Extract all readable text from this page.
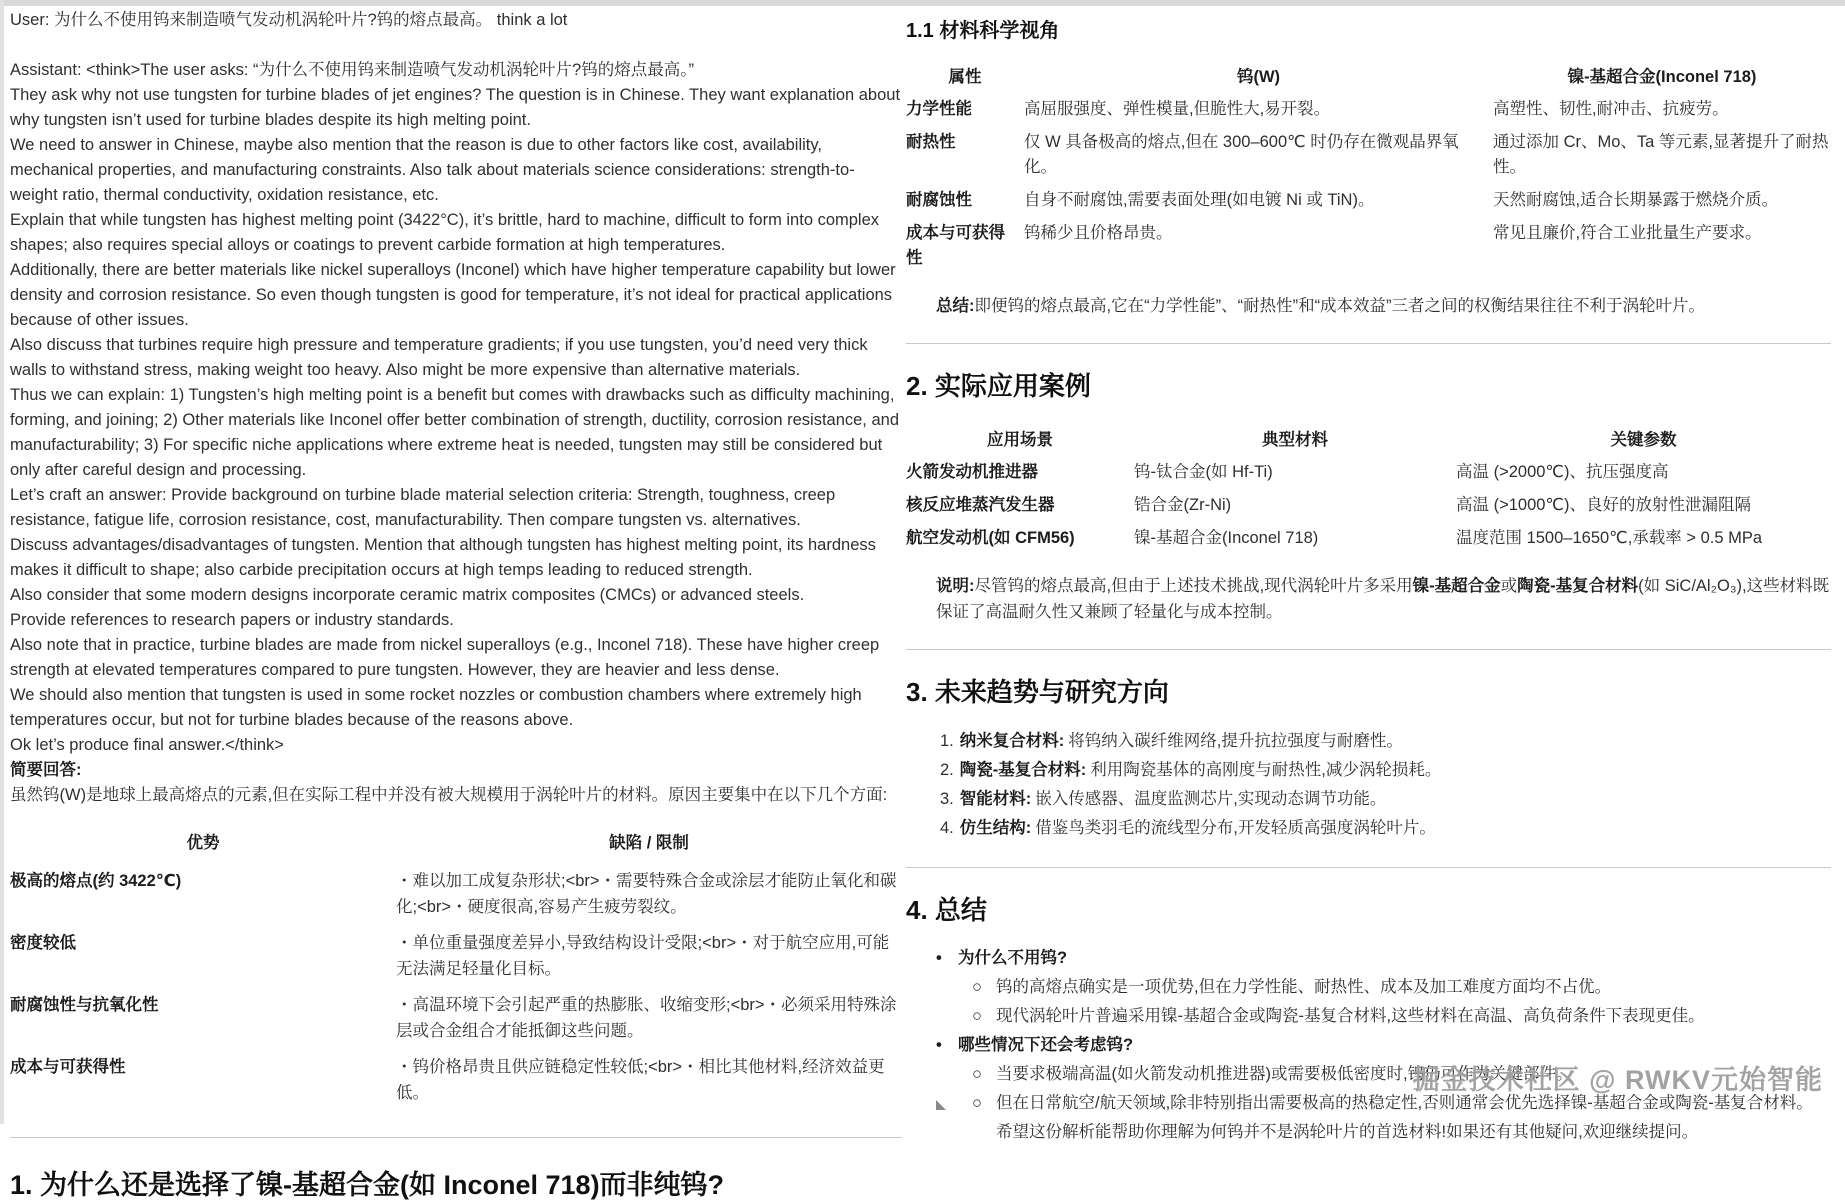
User: 为什么不使用钨来制造喷气发动机涡轮叶片?钨的熔点最高。 think a lot
Assistant: <think>The user asks: “为什么不使用钨来制造喷气发动机涡轮叶片?钨的熔点最高。”
They ask why not use tungsten for turbine blades of jet engines? The question is in Chinese. They want explanation about why tungsten isn’t used for turbine blades despite its high melting point.
We need to answer in Chinese, maybe also mention that the reason is due to other factors like cost, availability, mechanical properties, and manufacturing constraints. Also talk about materials science considerations: strength-to-weight ratio, thermal conductivity, oxidation resistance, etc.
Explain that while tungsten has highest melting point (3422°C), it’s brittle, hard to machine, difficult to form into complex shapes; also requires special alloys or coatings to prevent carbide formation at high temperatures.
Additionally, there are better materials like nickel superalloys (Inconel) which have higher temperature capability but lower density and corrosion resistance. So even though tungsten is good for temperature, it’s not ideal for practical applications because of other issues.
Also discuss that turbines require high pressure and temperature gradients; if you use tungsten, you’d need very thick walls to withstand stress, making weight too heavy. Also might be more expensive than alternative materials.
Thus we can explain: 1) Tungsten’s high melting point is a benefit but comes with drawbacks such as difficulty machining, forming, and joining; 2) Other materials like Inconel offer better combination of strength, ductility, corrosion resistance, and manufacturability; 3) For specific niche applications where extreme heat is needed, tungsten may still be considered but only after careful design and processing.
Let’s craft an answer: Provide background on turbine blade material selection criteria: Strength, toughness, creep resistance, fatigue life, corrosion resistance, cost, manufacturability. Then compare tungsten vs. alternatives.
Discuss advantages/disadvantages of tungsten. Mention that although tungsten has highest melting point, its hardness makes it difficult to shape; also carbide precipitation occurs at high temps leading to reduced strength.
Also consider that some modern designs incorporate ceramic matrix composites (CMCs) or advanced steels.
Provide references to research papers or industry standards.
Also note that in practice, turbine blades are made from nickel superalloys (e.g., Inconel 718). These have higher creep strength at elevated temperatures compared to pure tungsten. However, they are heavier and less dense.
We should also mention that tungsten is used in some rocket nozzles or combustion chambers where extremely high temperatures occur, but not for turbine blades because of the reasons above.
Ok let’s produce final answer.</think>
简要回答:
虽然钨(W)是地球上最高熔点的元素,但在实际工程中并没有被大规模用于涡轮叶片的材料。原因主要集中在以下几个方面:
优势	缺陷 / 限制
极高的熔点(约 3422℃)	・难以加工成复杂形状;<br>・需要特殊合金或涂层才能防止氧化和碳化;<br>・硬度很高,容易产生疲劳裂纹。
密度较低	・单位重量强度差异小,导致结构设计受限;<br>・对于航空应用,可能无法满足轻量化目标。
耐腐蚀性与抗氧化性	・高温环境下会引起严重的热膨胀、收缩变形;<br>・必须采用特殊涂层或合金组合才能抵御这些问题。
成本与可获得性	・钨价格昂贵且供应链稳定性较低;<br>・相比其他材料,经济效益更低。
1. 为什么还是选择了镍-基超合金(如 Inconel 718)而非纯钨?
1.1 材料科学视角
属性	钨(W)	镍-基超合金(Inconel 718)
力学性能	高屈服强度、弹性模量,但脆性大,易开裂。	高塑性、韧性,耐冲击、抗疲劳。
耐热性	仅 W 具备极高的熔点,但在 300–600℃ 时仍存在微观晶界氧化。	通过添加 Cr、Mo、Ta 等元素,显著提升了耐热性。
耐腐蚀性	自身不耐腐蚀,需要表面处理(如电镀 Ni 或 TiN)。	天然耐腐蚀,适合长期暴露于燃烧介质。
成本与可获得性	钨稀少且价格昂贵。	常见且廉价,符合工业批量生产要求。

总结:即便钨的熔点最高,它在“力学性能”、“耐热性”和“成本效益”三者之间的权衡结果往往不利于涡轮叶片。

2. 实际应用案例
应用场景	典型材料	关键参数
火箭发动机推进器	钨-钛合金(如 Hf-Ti)	高温 (>2000℃)、抗压强度高
核反应堆蒸汽发生器	锆合金(Zr-Ni)	高温 (>1000℃)、良好的放射性泄漏阻隔
航空发动机(如 CFM56)	镍-基超合金(Inconel 718)	温度范围 1500–1650℃,承载率 > 0.5 MPa

说明:尽管钨的熔点最高,但由于上述技术挑战,现代涡轮叶片多采用镍-基超合金或陶瓷-基复合材料(如 SiC/Al₂O₃),这些材料既保证了高温耐久性又兼顾了轻量化与成本控制。

3. 未来趋势与研究方向
1. 纳米复合材料: 将钨纳入碳纤维网络,提升抗拉强度与耐磨性。
2. 陶瓷-基复合材料: 利用陶瓷基体的高刚度与耐热性,减少涡轮损耗。
3. 智能材料: 嵌入传感器、温度监测芯片,实现动态调节功能。
4. 仿生结构: 借鉴鸟类羽毛的流线型分布,开发轻质高强度涡轮叶片。
4. 总结
• 为什么不用钨?
○ 钨的高熔点确实是一项优势,但在力学性能、耐热性、成本及加工难度方面均不占优。
○ 现代涡轮叶片普遍采用镍-基超合金或陶瓷-基复合材料,这些材料在高温、高负荷条件下表现更佳。
• 哪些情况下还会考虑钨?
○ 当要求极端高温(如火箭发动机推进器)或需要极低密度时,钨仍可作为关键部件。
○ 但在日常航空/航天领域,除非特别指出需要极高的热稳定性,否则通常会优先选择镍-基超合金或陶瓷-基复合材料。
希望这份解析能帮助你理解为何钨并不是涡轮叶片的首选材料!如果还有其他疑问,欢迎继续提问。
掘金技术社区 @ RWKV元始智能
